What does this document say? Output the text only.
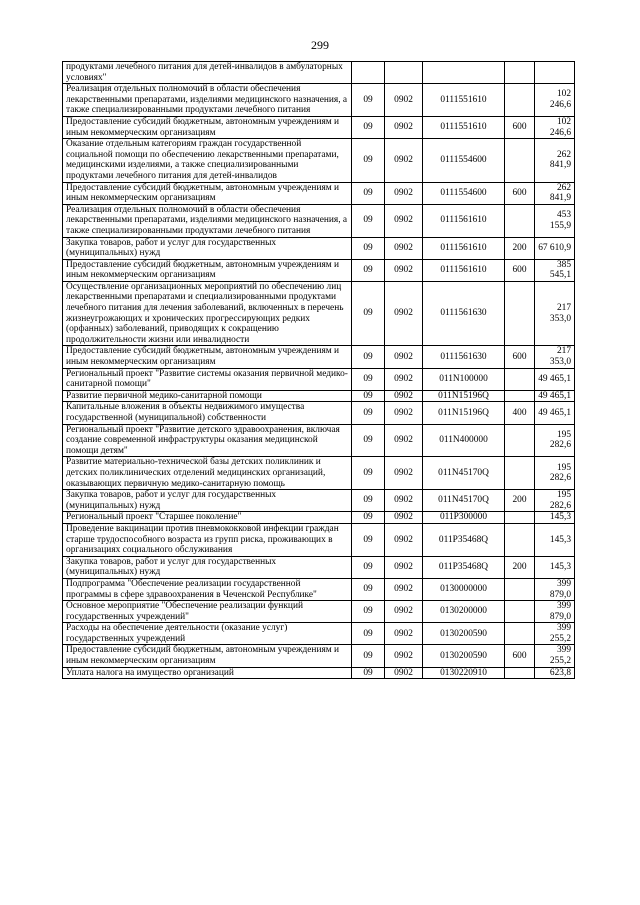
299
продуктами лечебного питания для детей-инвалидов в амбулаторных условиях"					
Реализация отдельных полномочий в области обеспечения лекарственными препаратами, изделиями медицинского назначения, а также специализированными продуктами лечебного питания	09	0902	0111551610		102 246,6
Предоставление субсидий бюджетным, автономным учреждениям и иным некоммерческим организациям	09	0902	0111551610	600	102 246,6
Оказание отдельным категориям граждан государственной социальной помощи по обеспечению лекарственными препаратами, медицинскими изделиями, а также специализированными продуктами лечебного питания для детей-инвалидов	09	0902	0111554600		262 841,9
Предоставление субсидий бюджетным, автономным учреждениям и иным некоммерческим организациям	09	0902	0111554600	600	262 841,9
Реализация отдельных полномочий в области обеспечения лекарственными препаратами, изделиями медицинского назначения, а также специализированными продуктами лечебного питания	09	0902	0111561610		453 155,9
Закупка товаров, работ и услуг для государственных (муниципальных) нужд	09	0902	0111561610	200	67 610,9
Предоставление субсидий бюджетным, автономным учреждениям и иным некоммерческим организациям	09	0902	0111561610	600	385 545,1
Осуществление организационных мероприятий по обеспечению лиц лекарственными препаратами и специализированными продуктами лечебного питания для лечения заболеваний, включенных в перечень жизнеугрожающих и хронических прогрессирующих редких (орфанных) заболеваний, приводящих к сокращению продолжительности жизни или инвалидности	09	0902	0111561630		217 353,0
Предоставление субсидий бюджетным, автономным учреждениям и иным некоммерческим организациям	09	0902	0111561630	600	217 353,0
Региональный проект "Развитие системы оказания первичной медико-санитарной помощи"	09	0902	011N100000		49 465,1
Развитие первичной медико-санитарной помощи	09	0902	011N15196Q		49 465,1
Капитальные вложения в объекты недвижимого имущества государственной (муниципальной) собственности	09	0902	011N15196Q	400	49 465,1
Региональный проект "Развитие детского здравоохранения, включая создание современной инфраструктуры оказания медицинской помощи детям"	09	0902	011N400000		195 282,6
Развитие материально-технической базы детских поликлиник и детских поликлинических отделений медицинских организаций, оказывающих первичную медико-санитарную помощь	09	0902	011N45170Q		195 282,6
Закупка товаров, работ и услуг для государственных (муниципальных) нужд	09	0902	011N45170Q	200	195 282,6
Региональный проект "Старшее поколение"	09	0902	011P300000		145,3
Проведение вакцинации против пневмококковой инфекции граждан старше трудоспособного возраста из групп риска, проживающих в организациях социального обслуживания	09	0902	011P35468Q		145,3
Закупка товаров, работ и услуг для государственных (муниципальных) нужд	09	0902	011P35468Q	200	145,3
Подпрограмма "Обеспечение реализации государственной программы в сфере здравоохранения в Чеченской Республике"	09	0902	0130000000		399 879,0
Основное мероприятие "Обеспечение реализации функций государственных учреждений"	09	0902	0130200000		399 879,0
Расходы на обеспечение деятельности (оказание услуг) государственных учреждений	09	0902	0130200590		399 255,2
Предоставление субсидий бюджетным, автономным учреждениям и иным некоммерческим организациям	09	0902	0130200590	600	399 255,2
Уплата налога на имущество организаций	09	0902	0130220910		623,8
